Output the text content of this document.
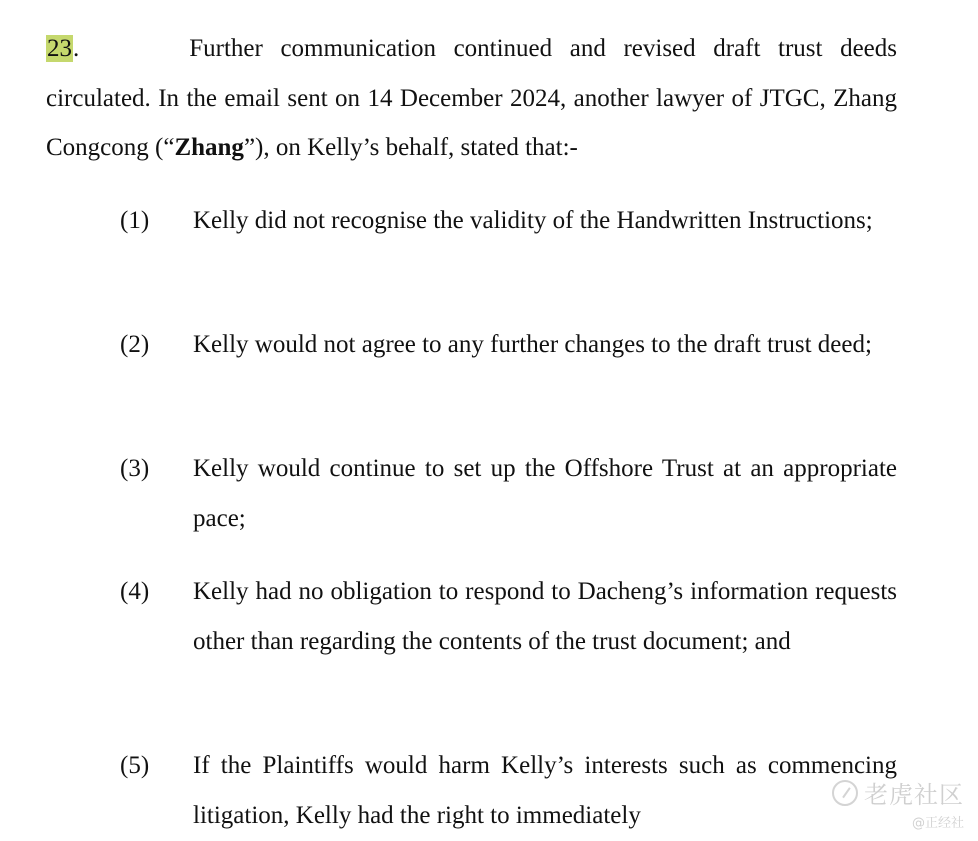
23.	Further communication continued and revised draft trust deeds circulated. In the email sent on 14 December 2024, another lawyer of JTGC, Zhang Congcong (“Zhang”), on Kelly’s behalf, stated that:-
(1)	Kelly did not recognise the validity of the Handwritten Instructions;
(2)	Kelly would not agree to any further changes to the draft trust deed;
(3)	Kelly would continue to set up the Offshore Trust at an appropriate pace;
(4)	Kelly had no obligation to respond to Dacheng’s information requests other than regarding the contents of the trust document; and
(5)	If the Plaintiffs would harm Kelly’s interests such as commencing litigation, Kelly had the right to immediately
老虎社区
@正经社
